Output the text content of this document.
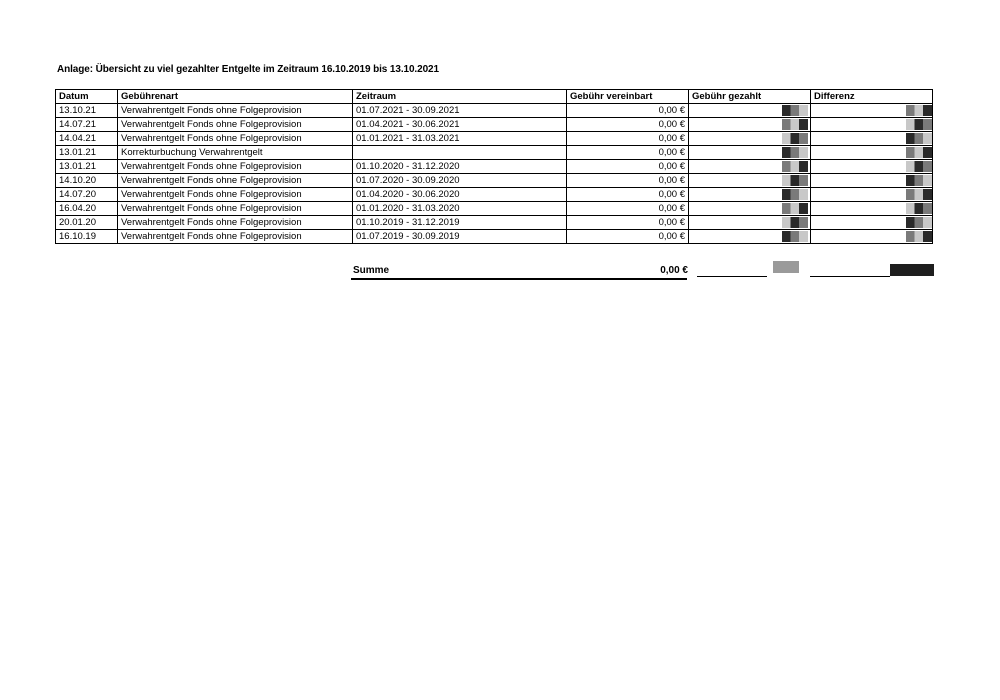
Anlage: Übersicht zu viel gezahlter Entgelte im Zeitraum 16.10.2019 bis 13.10.2021
Datum	Gebührenart	Zeitraum	Gebühr vereinbart	Gebühr gezahlt	Differenz
13.10.21	Verwahrentgelt Fonds ohne Folgeprovision	01.07.2021 - 30.09.2021	0,00 €	

14.07.21	Verwahrentgelt Fonds ohne Folgeprovision	01.04.2021 - 30.06.2021	0,00 €	

14.04.21	Verwahrentgelt Fonds ohne Folgeprovision	01.01.2021 - 31.03.2021	0,00 €	

13.01.21	Korrekturbuchung Verwahrentgelt		0,00 €	

13.01.21	Verwahrentgelt Fonds ohne Folgeprovision	01.10.2020 - 31.12.2020	0,00 €	

14.10.20	Verwahrentgelt Fonds ohne Folgeprovision	01.07.2020 - 30.09.2020	0,00 €	

14.07.20	Verwahrentgelt Fonds ohne Folgeprovision	01.04.2020 - 30.06.2020	0,00 €	

16.04.20	Verwahrentgelt Fonds ohne Folgeprovision	01.01.2020 - 31.03.2020	0,00 €	

20.01.20	Verwahrentgelt Fonds ohne Folgeprovision	01.10.2019 - 31.12.2019	0,00 €	

16.10.19	Verwahrentgelt Fonds ohne Folgeprovision	01.07.2019 - 30.09.2019	0,00 €	

Summe	0,00 €
